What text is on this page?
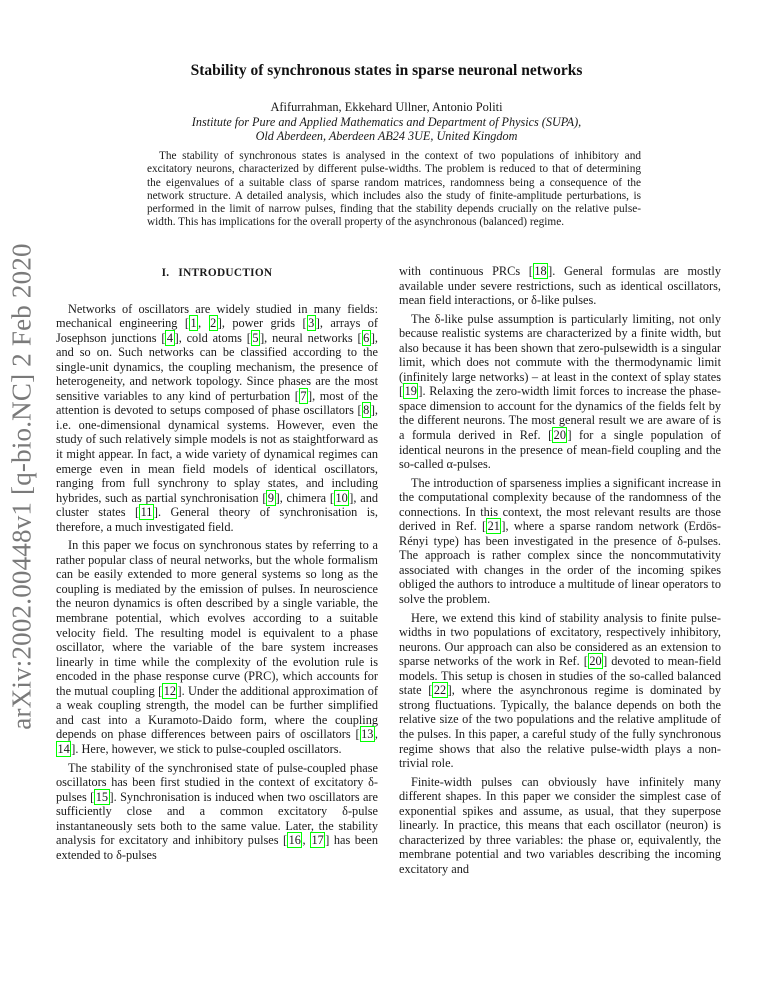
arXiv:2002.00448v1 [q-bio.NC] 2 Feb 2020
Stability of synchronous states in sparse neuronal networks
Afifurrahman, Ekkehard Ullner, Antonio Politi
Institute for Pure and Applied Mathematics and Department of Physics (SUPA),
Old Aberdeen, Aberdeen AB24 3UE, United Kingdom
The stability of synchronous states is analysed in the context of two populations of inhibitory and excitatory neurons, characterized by different pulse-widths. The problem is reduced to that of determining the eigenvalues of a suitable class of sparse random matrices, randomness being a consequence of the network structure. A detailed analysis, which includes also the study of finite-amplitude perturbations, is performed in the limit of narrow pulses, finding that the stability depends crucially on the relative pulse-width. This has implications for the overall property of the asynchronous (balanced) regime.
I. INTRODUCTION

Networks of oscillators are widely studied in many fields: mechanical engineering [ 1 , 2 ], power grids [ 3 ], arrays of Josephson junctions [ 4 ], cold atoms [ 5 ], neural networks [ 6 ], and so on. Such networks can be classified according to the single-unit dynamics, the coupling mechanism, the presence of heterogeneity, and network topology. Since phases are the most sensitive variables to any kind of perturbation [ 7 ], most of the attention is devoted to setups composed of phase oscillators [ 8 ], i.e. one-dimensional dynamical systems. However, even the study of such relatively simple models is not as staightforward as it might appear. In fact, a wide variety of dynamical regimes can emerge even in mean field models of identical oscillators, ranging from full synchrony to splay states, and including hybrides, such as partial synchronisation [ 9 ], chimera [ 10 ], and cluster states [ 11 ]. General theory of synchronisation is, therefore, a much investigated field.

In this paper we focus on synchronous states by referring to a rather popular class of neural networks, but the whole formalism can be easily extended to more general systems so long as the coupling is mediated by the emission of pulses. In neuroscience the neuron dynamics is often described by a single variable, the membrane potential, which evolves according to a suitable velocity field. The resulting model is equivalent to a phase oscillator, where the variable of the bare system increases linearly in time while the complexity of the evolution rule is encoded in the phase response curve (PRC), which accounts for the mutual coupling [ 12 ]. Under the additional approximation of a weak coupling strength, the model can be further simplified and cast into a Kuramoto-Daido form, where the coupling depends on phase differences between pairs of oscillators [ 13 , 14 ]. Here, however, we stick to pulse-coupled oscillators.

The stability of the synchronised state of pulse-coupled phase oscillators has been first studied in the context of excitatory δ-pulses [ 15 ]. Synchronisation is induced when two oscillators are sufficiently close and a common excitatory δ-pulse instantaneously sets both to the same value. Later, the stability analysis for excitatory and inhibitory pulses [ 16 , 17 ] has been extended to δ-pulses

with continuous PRCs [ 18 ]. General formulas are mostly available under severe restrictions, such as identical oscillators, mean field interactions, or δ-like pulses.

The δ-like pulse assumption is particularly limiting, not only because realistic systems are characterized by a finite width, but also because it has been shown that zero-pulsewidth is a singular limit, which does not commute with the thermodynamic limit (infinitely large networks) – at least in the context of splay states [ 19 ]. Relaxing the zero-width limit forces to increase the phase-space dimension to account for the dynamics of the fields felt by the different neurons. The most general result we are aware of is a formula derived in Ref. [ 20 ] for a single population of identical neurons in the presence of mean-field coupling and the so-called α-pulses.

The introduction of sparseness implies a significant increase in the computational complexity because of the randomness of the connections. In this context, the most relevant results are those derived in Ref. [ 21 ], where a sparse random network (Erdös-Rényi type) has been investigated in the presence of δ-pulses. The approach is rather complex since the noncommutativity associated with changes in the order of the incoming spikes obliged the authors to introduce a multitude of linear operators to solve the problem.

Here, we extend this kind of stability analysis to finite pulse-widths in two populations of excitatory, respectively inhibitory, neurons. Our approach can also be considered as an extension to sparse networks of the work in Ref. [ 20 ] devoted to mean-field models. This setup is chosen in studies of the so-called balanced state [ 22 ], where the asynchronous regime is dominated by strong fluctuations. Typically, the balance depends on both the relative size of the two populations and the relative amplitude of the pulses. In this paper, a careful study of the fully synchronous regime shows that also the relative pulse-width plays a non-trivial role.

Finite-width pulses can obviously have infinitely many different shapes. In this paper we consider the simplest case of exponential spikes and assume, as usual, that they superpose linearly. In practice, this means that each oscillator (neuron) is characterized by three variables: the phase or, equivalently, the membrane potential and two variables describing the incoming excitatory and
